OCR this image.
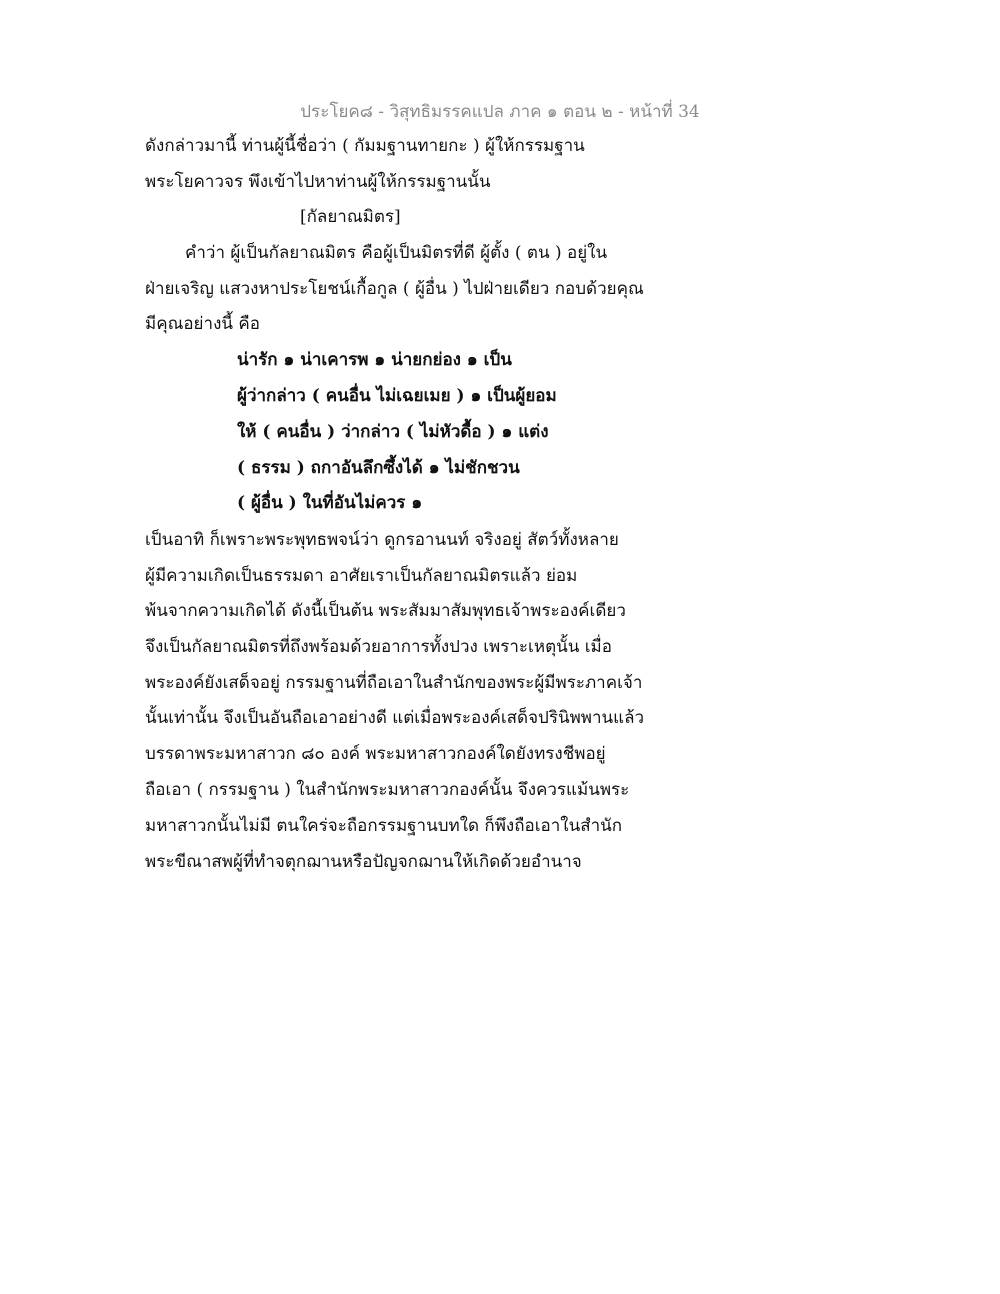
ประโยค๘ - วิสุทธิมรรคแปล ภาค ๑ ตอน ๒ - หน้าที่ 34
ดังกล่าวมานี้ ท่านผู้นี้ชื่อว่า ( กัมมฐานทายกะ ) ผู้ให้กรรมฐาน
พระโยคาวจร พึงเข้าไปหาท่านผู้ให้กรรมฐานนั้น
[กัลยาณมิตร]
คำว่า ผู้เป็นกัลยาณมิตร คือผู้เป็นมิตรที่ดี ผู้ตั้ง ( ตน ) อยู่ใน
ฝ่ายเจริญ แสวงหาประโยชน์เกื้อกูล ( ผู้อื่น ) ไปฝ่ายเดียว กอบด้วยคุณ
มีคุณอย่างนี้ คือ
น่ารัก ๑ น่าเคารพ ๑ น่ายกย่อง ๑ เป็น
ผู้ว่ากล่าว ( คนอื่น ไม่เฉยเมย ) ๑ เป็นผู้ยอม
ให้ ( คนอื่น ) ว่ากล่าว ( ไม่หัวดื้อ ) ๑ แต่ง
( ธรรม ) ถกาอันลึกซึ้งได้ ๑ ไม่ชักชวน
( ผู้อื่น ) ในที่อันไม่ควร ๑
เป็นอาทิ ก็เพราะพระพุทธพจน์ว่า ดูกรอานนท์ จริงอยู่ สัตว์ทั้งหลาย
ผู้มีความเกิดเป็นธรรมดา อาศัยเราเป็นกัลยาณมิตรแล้ว ย่อม
พ้นจากความเกิดได้ ดังนี้เป็นต้น พระสัมมาสัมพุทธเจ้าพระองค์เดียว
จึงเป็นกัลยาณมิตรที่ถึงพร้อมด้วยอาการทั้งปวง เพราะเหตุนั้น เมื่อ
พระองค์ยังเสด็จอยู่ กรรมฐานที่ถือเอาในสำนักของพระผู้มีพระภาคเจ้า
นั้นเท่านั้น จึงเป็นอันถือเอาอย่างดี แต่เมื่อพระองค์เสด็จปรินิพพานแล้ว
บรรดาพระมหาสาวก ๘๐ องค์ พระมหาสาวกองค์ใดยังทรงชีพอยู่
ถือเอา ( กรรมฐาน ) ในสำนักพระมหาสาวกองค์นั้น จึงควรแม้นพระ
มหาสาวกนั้นไม่มี ตนใคร่จะถือกรรมฐานบทใด ก็พึงถือเอาในสำนัก
พระขีณาสพผู้ที่ทำจตุกฌานหรือปัญจกฌานให้เกิดด้วยอำนาจ
